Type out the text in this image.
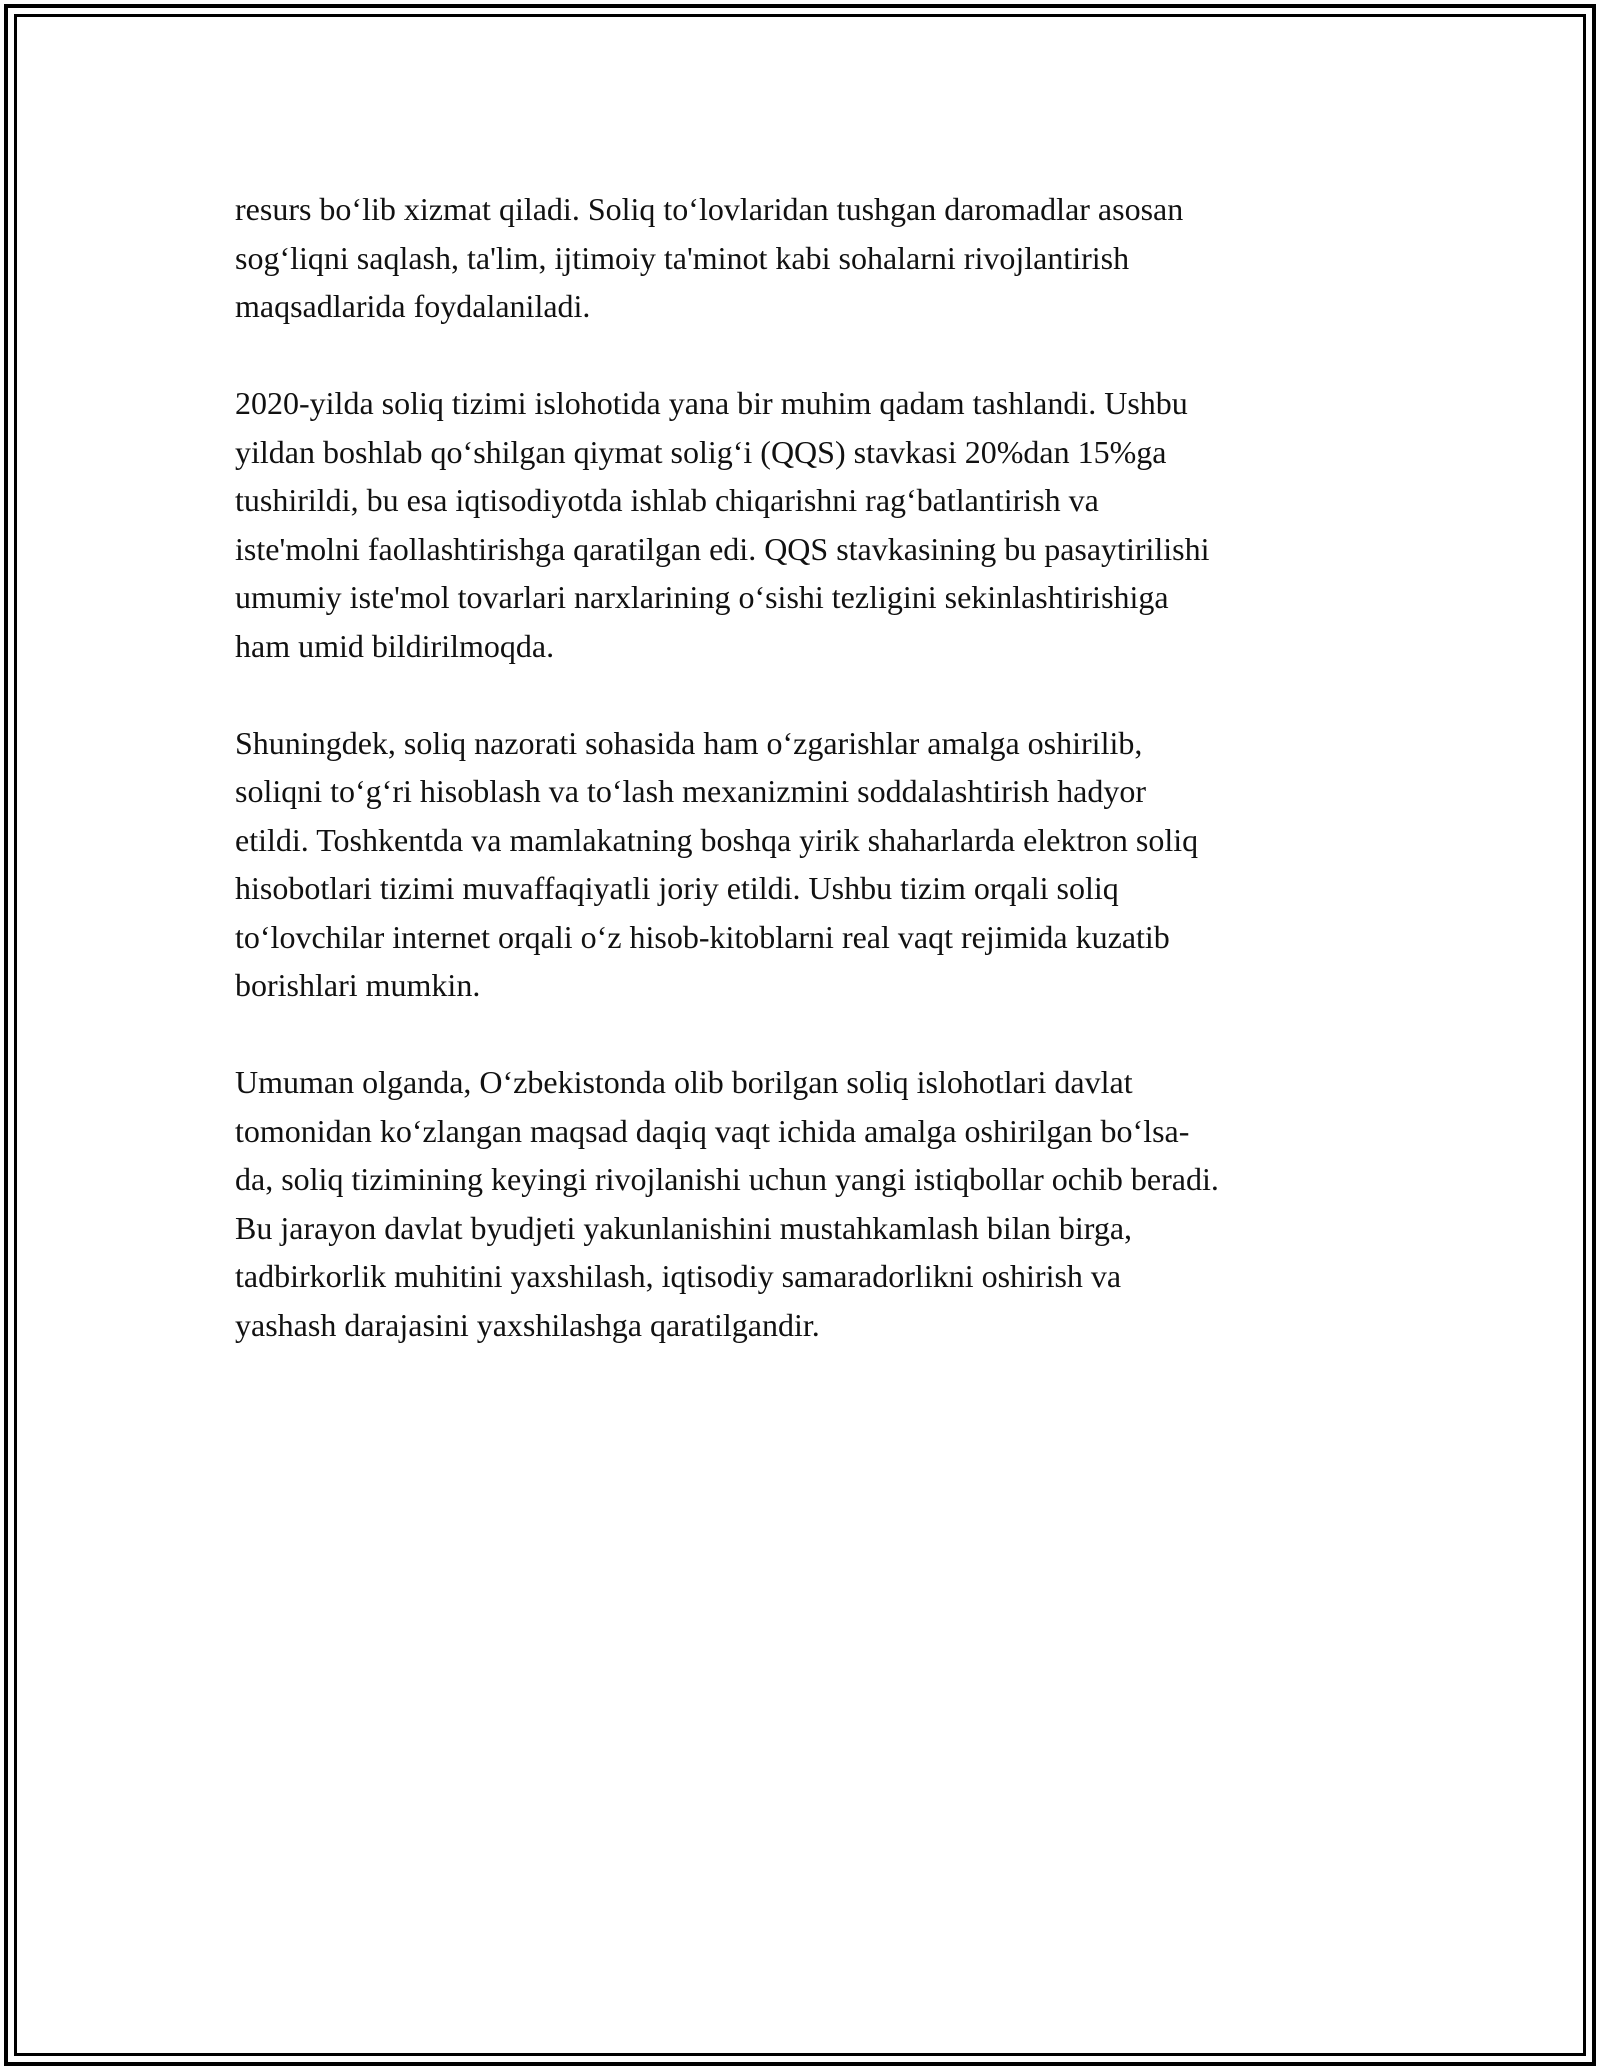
resurs bo‘lib xizmat qiladi. Soliq to‘lovlaridan tushgan daromadlar asosan
sog‘liqni saqlash, ta'lim, ijtimoiy ta'minot kabi sohalarni rivojlantirish
maqsadlarida foydalaniladi.

2020-yilda soliq tizimi islohotida yana bir muhim qadam tashlandi. Ushbu
yildan boshlab qo‘shilgan qiymat solig‘i (QQS) stavkasi 20%dan 15%ga
tushirildi, bu esa iqtisodiyotda ishlab chiqarishni rag‘batlantirish va
iste'molni faollashtirishga qaratilgan edi. QQS stavkasining bu pasaytirilishi
umumiy iste'mol tovarlari narxlarining o‘sishi tezligini sekinlashtirishiga
ham umid bildirilmoqda.

Shuningdek, soliq nazorati sohasida ham o‘zgarishlar amalga oshirilib,
soliqni to‘g‘ri hisoblash va to‘lash mexanizmini soddalashtirish hadyor
etildi. Toshkentda va mamlakatning boshqa yirik shaharlarda elektron soliq
hisobotlari tizimi muvaffaqiyatli joriy etildi. Ushbu tizim orqali soliq
to‘lovchilar internet orqali o‘z hisob-kitoblarni real vaqt rejimida kuzatib
borishlari mumkin.

Umuman olganda, O‘zbekistonda olib borilgan soliq islohotlari davlat
tomonidan ko‘zlangan maqsad daqiq vaqt ichida amalga oshirilgan bo‘lsa-
da, soliq tizimining keyingi rivojlanishi uchun yangi istiqbollar ochib beradi.
Bu jarayon davlat byudjeti yakunlanishini mustahkamlash bilan birga,
tadbirkorlik muhitini yaxshilash, iqtisodiy samaradorlikni oshirish va
yashash darajasini yaxshilashga qaratilgandir.
